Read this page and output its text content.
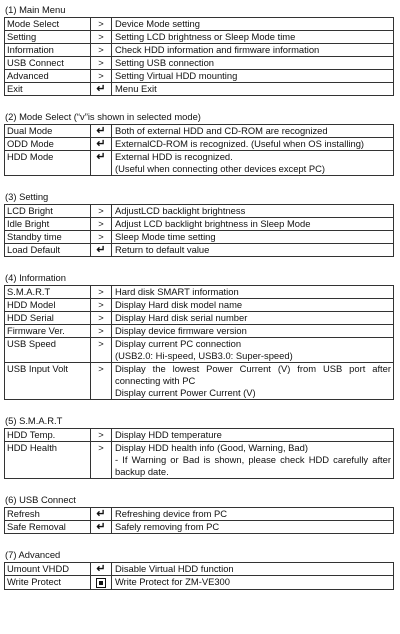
(1) Main Menu
Mode Select	>	Device Mode setting
Setting	>	Setting LCD brightness or Sleep Mode time
Information	>	Check HDD information and firmware information
USB Connect	>	Setting USB connection
Advanced	>	Setting Virtual HDD mounting
Exit	↵	Menu Exit
(2) Mode Select (“v”is shown in selected mode)
Dual Mode	↵	Both of external HDD and CD-ROM are recognized
ODD Mode	↵	ExternalCD-ROM is recognized. (Useful when OS installing)
HDD Mode	↵	External HDD is recognized.
(Useful when connecting other devices except PC)
(3) Setting
LCD Bright	>	AdjustLCD backlight brightness
Idle Bright	>	Adjust LCD backlight brightness in Sleep Mode
Standby time	>	Sleep Mode time setting
Load Default	↵	Return to default value
(4) Information
S.M.A.R.T	>	Hard disk SMART information
HDD Model	>	Display Hard disk model name
HDD Serial	>	Display Hard disk serial number
Firmware Ver.	>	Display device firmware version
USB Speed	>	Display current PC connection
(USB2.0: Hi-speed, USB3.0: Super-speed)
USB Input Volt	>	Display the lowest Power Current (V) from USB port after connecting with PC
Display current Power Current (V)
(5) S.M.A.R.T
HDD Temp.	>	Display HDD temperature
HDD Health	>	Display HDD health info (Good, Warning, Bad)
- If Warning or Bad is shown, please check HDD carefully after backup date.
(6) USB Connect
Refresh	↵	Refreshing device from PC
Safe Removal	↵	Safely removing from PC
(7) Advanced
Umount VHDD	↵	Disable Virtual HDD function
Write Protect		Write Protect for ZM-VE300
